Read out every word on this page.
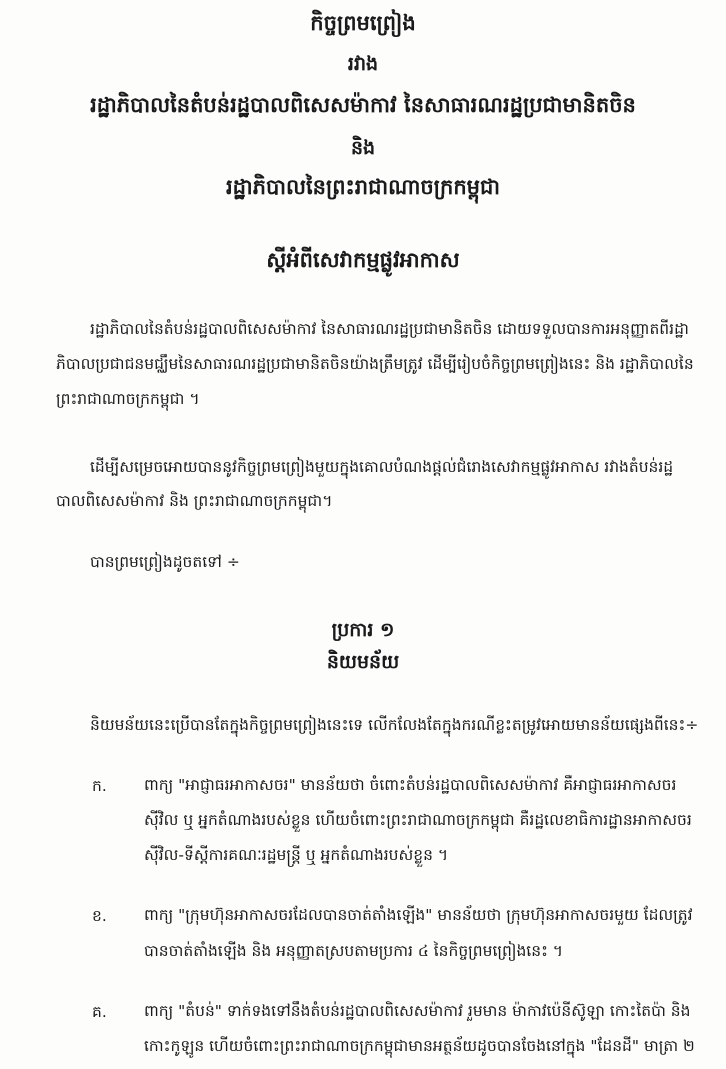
កិច្ចព្រមព្រៀង
រវាង
រដ្ឋាភិបាលនៃតំបន់រដ្ឋបាលពិសេសម៉ាកាវ នៃសាធារណរដ្ឋប្រជាមានិតចិន
និង
រដ្ឋាភិបាលនៃព្រះរាជាណាចក្រកម្ពុជា
ស្តីអំពីសេវាកម្មផ្លូវអាកាស
រដ្ឋាភិបាលនៃតំបន់រដ្ឋបាលពិសេសម៉ាកាវ នៃសាធារណរដ្ឋប្រជាមានិតចិន ដោយទទួលបានការអនុញ្ញាតពីរដ្ឋា
ភិបាលប្រជាជនមជ្ឈឹមនៃសាធារណរដ្ឋប្រជាមានិតចិនយ៉ាងត្រឹមត្រូវ ដើម្បីរៀបចំកិច្ចព្រមព្រៀងនេះ និង រដ្ឋាភិបាលនៃ
ព្រះរាជាណាចក្រកម្ពុជា ។
ដើម្បីសម្រេចអោយបាននូវកិច្ចព្រមព្រៀងមួយក្នុងគោលបំណងផ្តល់ជំរោងសេវាកម្មផ្លូវអាកាស រវាងតំបន់រដ្ឋ
បាលពិសេសម៉ាកាវ និង ព្រះរាជាណាចក្រកម្ពុជា។
បានព្រមព្រៀងដូចតទៅ ÷
ប្រការ ១
និយមន័យ
និយមន័យនេះប្រើបានតែក្នុងកិច្ចព្រមព្រៀងនេះទេ លើកលែងតែក្នុងករណីខ្លះតម្រូវអោយមានន័យផ្សេងពីនេះ÷
ក. ពាក្យ "អាជ្ញាធរអាកាសចរ" មានន័យថា ចំពោះតំបន់រដ្ឋបាលពិសេសម៉ាកាវ គឺអាជ្ញាធរអាកាសចរ
ស៊ីវិល ឬ អ្នកតំណាងរបស់ខ្លួន ហើយចំពោះព្រះរាជាណាចក្រកម្ពុជា គឺរដ្ឋលេខាធិការដ្ឋានអាកាសចរ
ស៊ីវិល-ទីស្តីការគណៈរដ្ឋមន្ត្រី ឬ អ្នកតំណាងរបស់ខ្លួន ។
ខ. ពាក្យ "ក្រុមហ៊ុនអាកាសចរដែលបានចាត់តាំងឡើង" មានន័យថា ក្រុមហ៊ុនអាកាសចរមួយ ដែលត្រូវ
បានចាត់តាំងឡើង និង អនុញ្ញាតស្របតាមប្រការ ៤ នៃកិច្ចព្រមព្រៀងនេះ ។
គ. ពាក្យ "តំបន់" ទាក់ទងទៅនឹងតំបន់រដ្ឋបាលពិសេសម៉ាកាវ រួមមាន ម៉ាកាវប៉េនីស៊ូឡា កោះតៃប៉ា និង
កោះកូឡូន ហើយចំពោះព្រះរាជាណាចក្រកម្ពុជាមានអត្ថន័យដូចបានចែងនៅក្នុង "ដែនដី" មាត្រា ២
